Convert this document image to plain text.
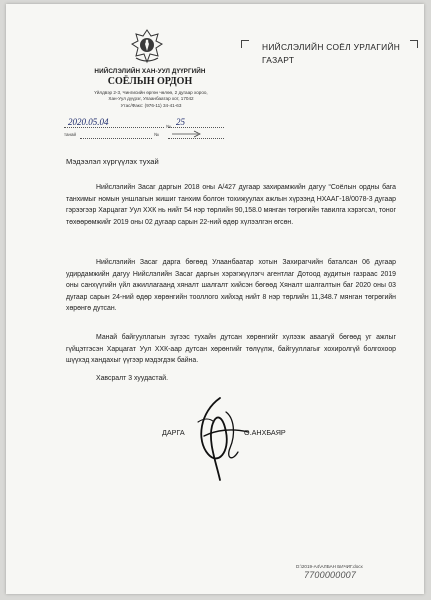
НИЙСЛЭЛИЙН ХАН-УУЛ ДҮҮРГИЙН
СОЁЛЫН ОРДОН
Үйлдвэр 2-3, Чингисийн өргөн чөлөө, 2 дугаар хороо,
Хан-Уул дүүрэг, Улаанбаатар хот, 17042
Утас/Факс: (976-11) 34-41-63
НИЙСЛЭЛИЙН СОЁЛ УРЛАГИЙН
ГАЗАРТ
2020.05.04	№ 25
танай	№
Мэдээлэл хүргүүлэх тухай
Нийслэлийн Засаг даргын 2018 оны А/427 дугаар захирамжийн дагуу “Соёлын ордны бага танхимыг номын уншлагын жишиг танхим болгон тохижуулах ажлын хүрээнд НХААГ-18/0078-3 дугаар гэрээгээр Харцагат Уул ХХК нь нийт 54 нэр төрлийн 90,158.0 мянган төгрөгийн тавилга хэрэгсэл, тоног төхөөрөмжийг 2019 оны 02 дугаар сарын 22-ний өдөр хүлээлгэн өгсөн.
Нийслэлийн Засаг дарга бөгөөд Улаанбаатар хотын Захирагчийн баталсан 06 дугаар удирдамжийн дагуу Нийслэлийн Засаг даргын хэрэгжүүлэгч агентлаг Дотоод аудитын газраас 2019 оны санхүүгийн үйл ажиллагаанд хяналт шалгалт хийсэн бөгөөд Хяналт шалгалтын баг 2020 оны 03 дугаар сарын 24-ний өдөр хөрөнгийн тооллого хийхэд нийт 8 нэр төрлийн 11,348.7 мянган төгрөгийн хөрөнгө дутсан.
Манай байгууллагын зүгээс тухайн дутсан хөрөнгийг хүлээж аваагүй бөгөөд уг ажлыг гүйцэтгэсэн Харцагат Уул ХХК-аар дутсан хөрөнгийг төлүүлж, байгууллагыг хохиролгүй болгохоор шүүхэд хандахыг үүгээр мэдэгдэж байна.
Хавсралт 3 хуудастай.
ДАРГА	О.АНХБАЯР
D:\2019-А4\АЛБАН БИЧИГ.docx
7700000007
